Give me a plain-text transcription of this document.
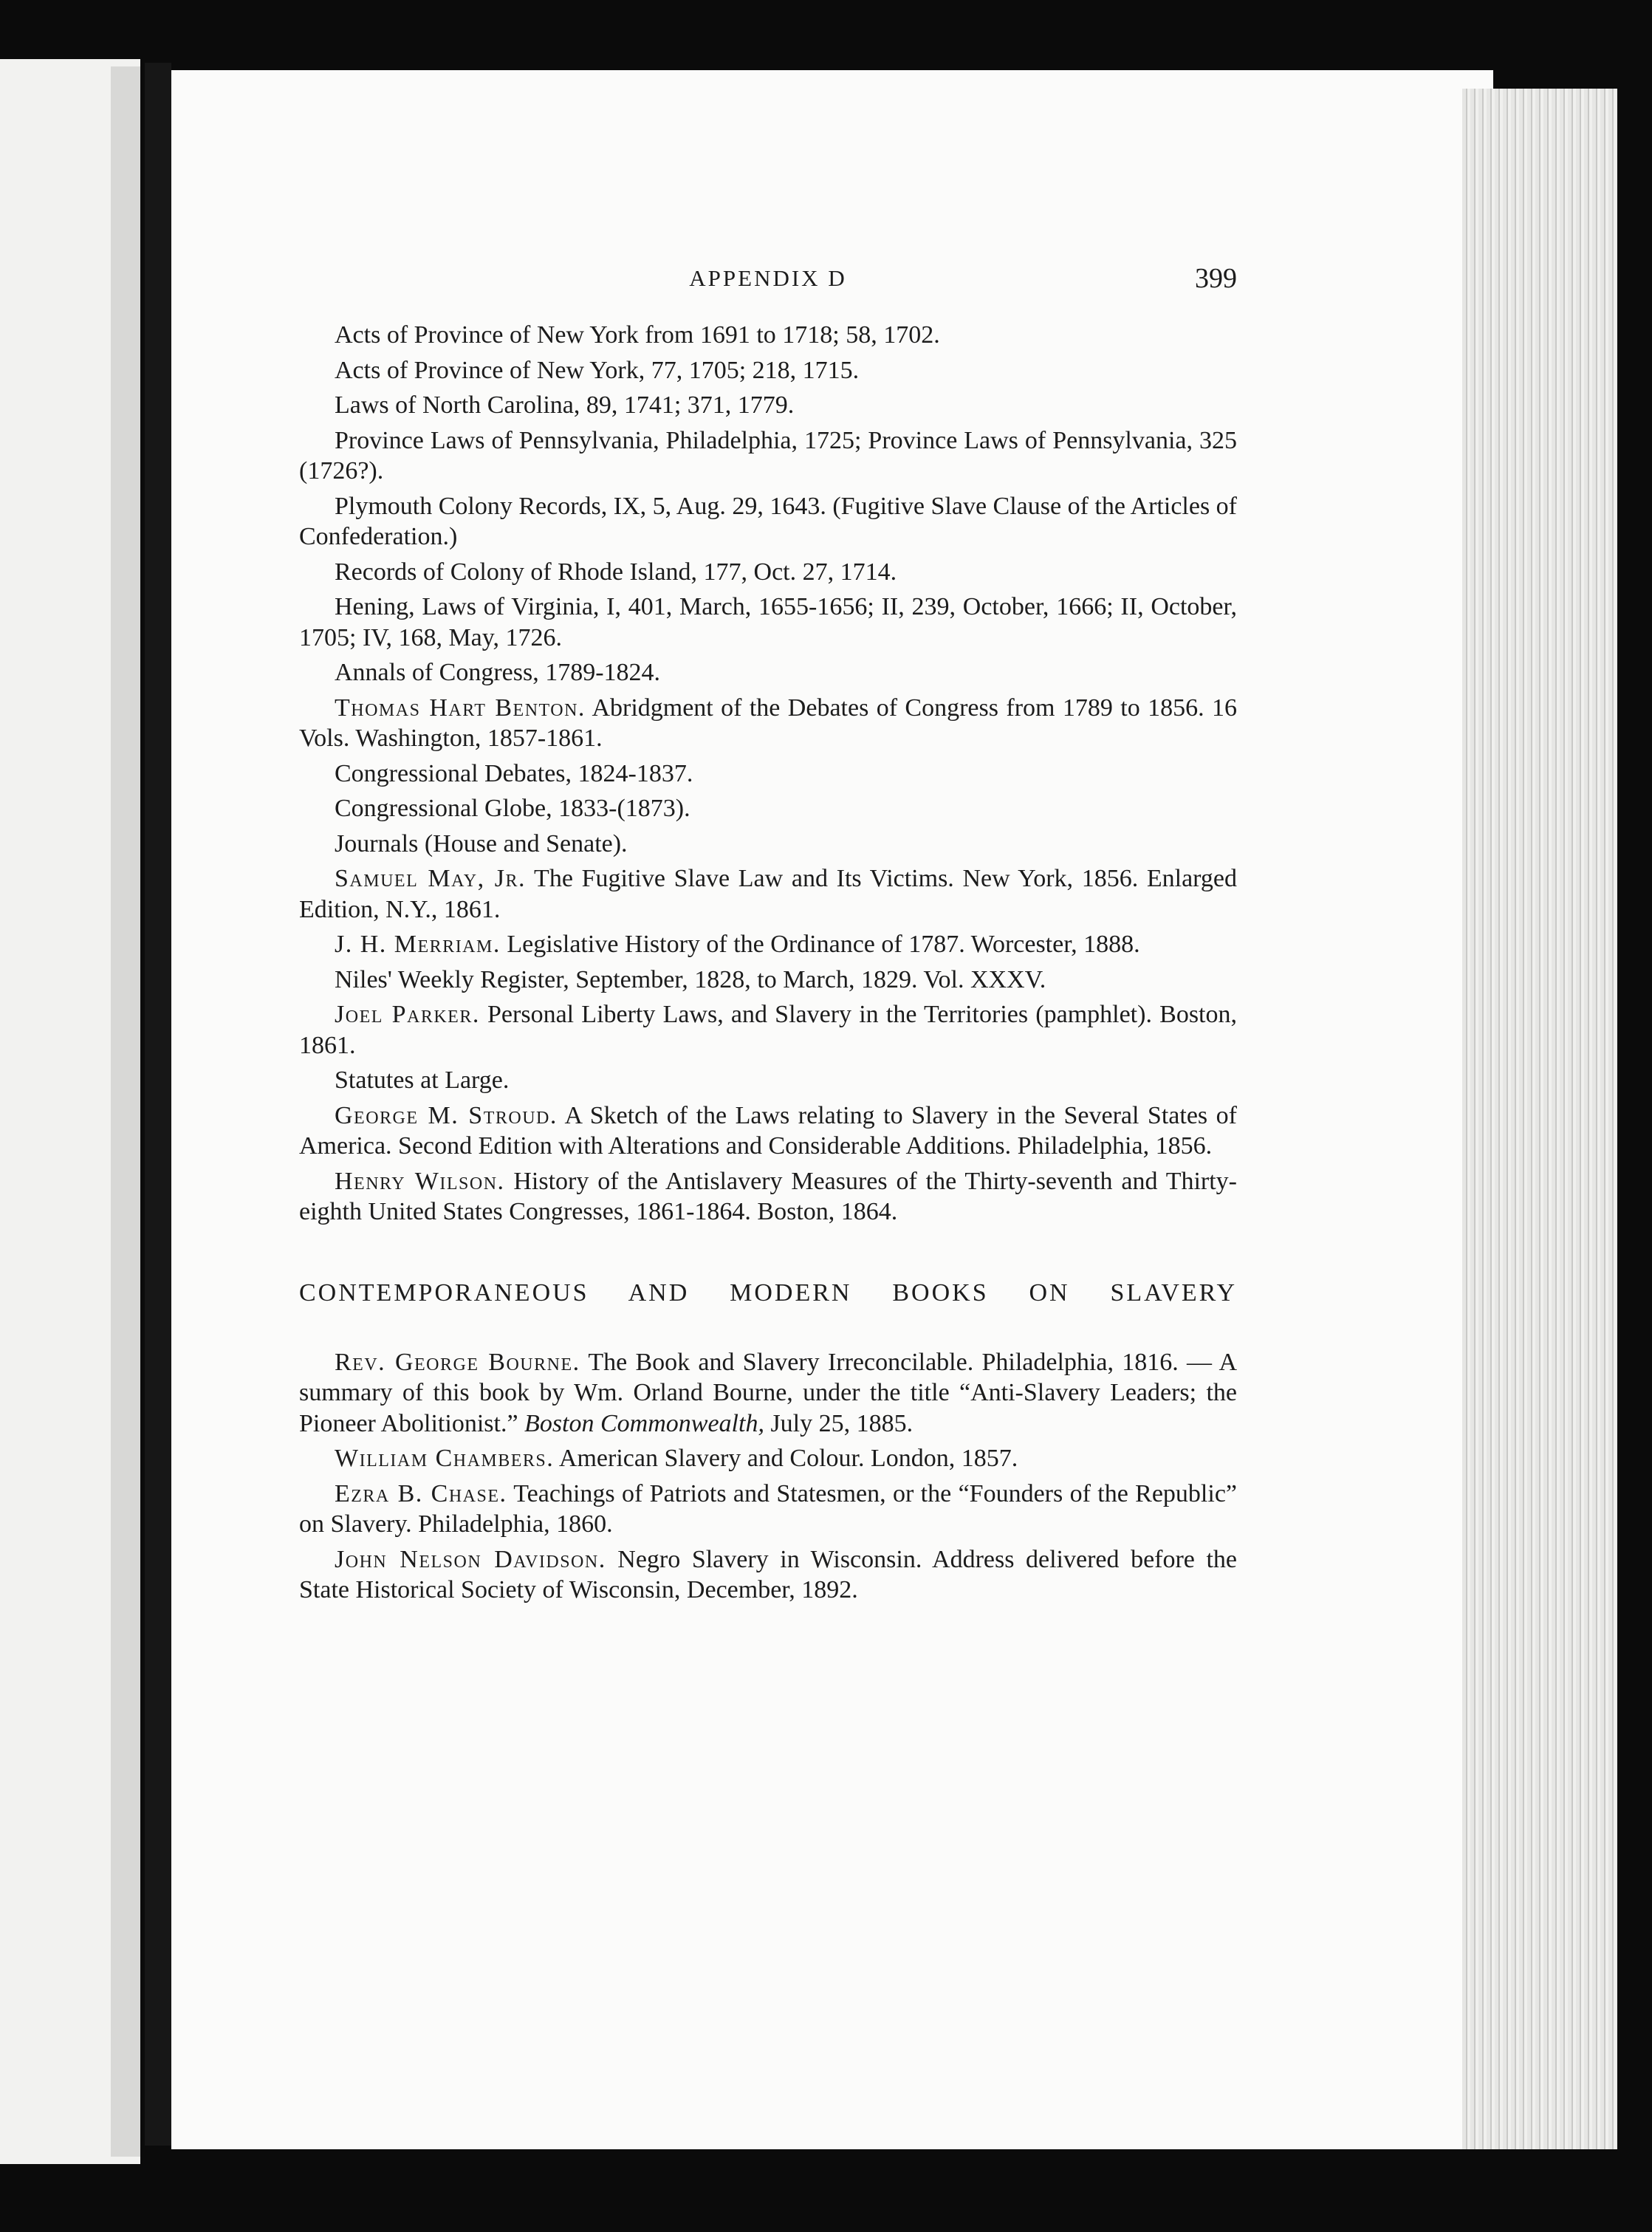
APPENDIX D	399

Acts of Province of New York from 1691 to 1718; 58, 1702.

Acts of Province of New York, 77, 1705; 218, 1715.

Laws of North Carolina, 89, 1741; 371, 1779.

Province Laws of Pennsylvania, Philadelphia, 1725; Province Laws of Pennsylvania, 325 (1726?).

Plymouth Colony Records, IX, 5, Aug. 29, 1643. (Fugitive Slave Clause of the Articles of Confederation.)

Records of Colony of Rhode Island, 177, Oct. 27, 1714.

Hening, Laws of Virginia, I, 401, March, 1655-1656; II, 239, October, 1666; II, October, 1705; IV, 168, May, 1726.

Annals of Congress, 1789-1824.

Thomas Hart Benton. Abridgment of the Debates of Congress from 1789 to 1856. 16 Vols. Washington, 1857-1861.

Congressional Debates, 1824-1837.

Congressional Globe, 1833-(1873).

Journals (House and Senate).

Samuel May, Jr. The Fugitive Slave Law and Its Victims. New York, 1856. Enlarged Edition, N.Y., 1861.

J. H. Merriam. Legislative History of the Ordinance of 1787. Worcester, 1888.

Niles' Weekly Register, September, 1828, to March, 1829. Vol. XXXV.

Joel Parker. Personal Liberty Laws, and Slavery in the Territories (pamphlet). Boston, 1861.

Statutes at Large.

George M. Stroud. A Sketch of the Laws relating to Slavery in the Several States of America. Second Edition with Alterations and Considerable Additions. Philadelphia, 1856.

Henry Wilson. History of the Antislavery Measures of the Thirty-seventh and Thirty-eighth United States Congresses, 1861-1864. Boston, 1864.

CONTEMPORANEOUS AND MODERN BOOKS ON SLAVERY

Rev. George Bourne. The Book and Slavery Irreconcilable. Philadelphia, 1816. — A summary of this book by Wm. Orland Bourne, under the title “Anti-Slavery Leaders; the Pioneer Abolitionist.” Boston Commonwealth, July 25, 1885.

William Chambers. American Slavery and Colour. London, 1857.

Ezra B. Chase. Teachings of Patriots and Statesmen, or the “Founders of the Republic” on Slavery. Philadelphia, 1860.

John Nelson Davidson. Negro Slavery in Wisconsin. Address delivered before the State Historical Society of Wisconsin, December, 1892.
